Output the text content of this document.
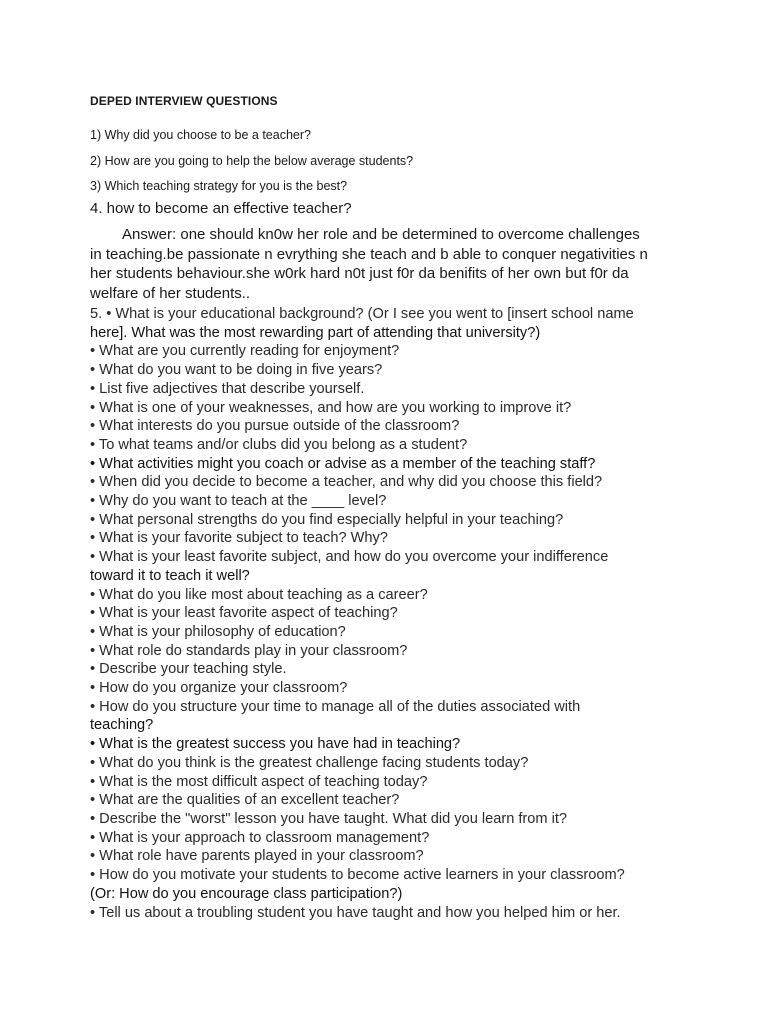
DEPED INTERVIEW QUESTIONS
1) Why did you choose to be a teacher?
2) How are you going to help the below average students?
3) Which teaching strategy for you is the best?
4. how to become an effective teacher?
Answer: one should kn0w her role and be determined to overcome challenges
in teaching.be passionate n evrything she teach and b able to conquer negativities n
her students behaviour.she w0rk hard n0t just f0r da benifits of her own but f0r da
welfare of her students..
5. • What is your educational background? (Or I see you went to [insert school name
here]. What was the most rewarding part of attending that university?)
• What are you currently reading for enjoyment?
• What do you want to be doing in five years?
• List five adjectives that describe yourself.
• What is one of your weaknesses, and how are you working to improve it?
• What interests do you pursue outside of the classroom?
• To what teams and/or clubs did you belong as a student?
• What activities might you coach or advise as a member of the teaching staff?
• When did you decide to become a teacher, and why did you choose this field?
• Why do you want to teach at the ____ level?
• What personal strengths do you find especially helpful in your teaching?
• What is your favorite subject to teach? Why?
• What is your least favorite subject, and how do you overcome your indifference
toward it to teach it well?
• What do you like most about teaching as a career?
• What is your least favorite aspect of teaching?
• What is your philosophy of education?
• What role do standards play in your classroom?
• Describe your teaching style.
• How do you organize your classroom?
• How do you structure your time to manage all of the duties associated with
teaching?
• What is the greatest success you have had in teaching?
• What do you think is the greatest challenge facing students today?
• What is the most difficult aspect of teaching today?
• What are the qualities of an excellent teacher?
• Describe the "worst" lesson you have taught. What did you learn from it?
• What is your approach to classroom management?
• What role have parents played in your classroom?
• How do you motivate your students to become active learners in your classroom?
(Or: How do you encourage class participation?)
• Tell us about a troubling student you have taught and how you helped him or her.
